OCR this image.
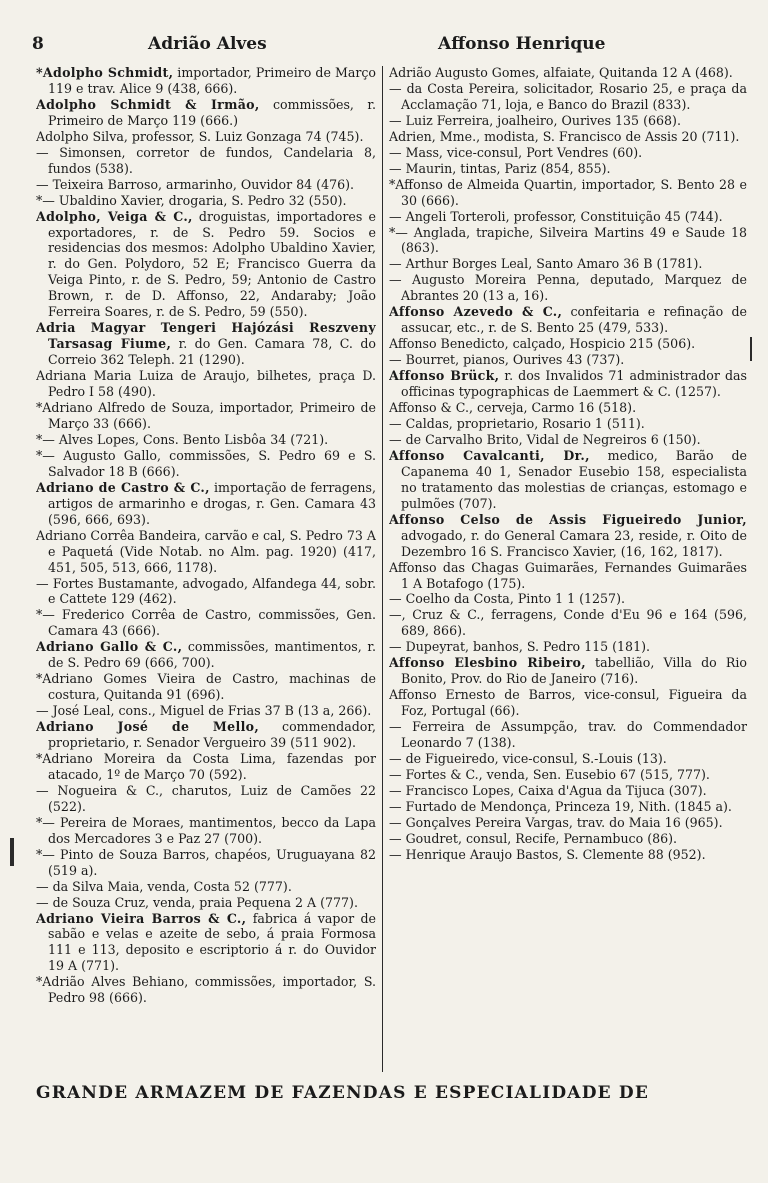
8	Adrião Alves	Affonso Henrique

*Adolpho Schmidt, importador, Primeiro de Março 119 e trav. Alice 9 (438, 666).

Adolpho Schmidt & Irmão, commissões, r. Primeiro de Março 119 (666.)

Adolpho Silva, professor, S. Luiz Gonzaga 74 (745).

— Simonsen, corretor de fundos, Candelaria 8, fundos (538).

— Teixeira Barroso, armarinho, Ouvidor 84 (476).

*— Ubaldino Xavier, drogaria, S. Pedro 32 (550).

Adolpho, Veiga & C., droguistas, importadores e exportadores, r. de S. Pedro 59. Socios e residencias dos mesmos: Adolpho Ubaldino Xavier, r. do Gen. Polydoro, 52 E; Francisco Guerra da Veiga Pinto, r. de S. Pedro, 59; Antonio de Castro Brown, r. de D. Affonso, 22, Andaraby; João Ferreira Soares, r. de S. Pedro, 59 (550).

Adria Magyar Tengeri Hajózási Reszveny Tarsasag Fiume, r. do Gen. Camara 78, C. do Correio 362 Teleph. 21 (1290).

Adriana Maria Luiza de Araujo, bilhetes, praça D. Pedro I 58 (490).

*Adriano Alfredo de Souza, importador, Primeiro de Março 33 (666).

*— Alves Lopes, Cons. Bento Lisbôa 34 (721).

*— Augusto Gallo, commissões, S. Pedro 69 e S. Salvador 18 B (666).

Adriano de Castro & C., importação de ferragens, artigos de armarinho e drogas, r. Gen. Camara 43 (596, 666, 693).

Adriano Corrêa Bandeira, carvão e cal, S. Pedro 73 A e Paquetá (Vide Notab. no Alm. pag. 1920) (417, 451, 505, 513, 666, 1178).

— Fortes Bustamante, advogado, Alfandega 44, sobr. e Cattete 129 (462).

*— Frederico Corrêa de Castro, commissões, Gen. Camara 43 (666).

Adriano Gallo & C., commissões, mantimentos, r. de S. Pedro 69 (666, 700).

*Adriano Gomes Vieira de Castro, machinas de costura, Quitanda 91 (696).

— José Leal, cons., Miguel de Frias 37 B (13 a, 266).

Adriano José de Mello, commendador, proprietario, r. Senador Vergueiro 39 (511 902).

*Adriano Moreira da Costa Lima, fazendas por atacado, 1º de Março 70 (592).

— Nogueira & C., charutos, Luiz de Camões 22 (522).

*— Pereira de Moraes, mantimentos, becco da Lapa dos Mercadores 3 e Paz 27 (700).

*— Pinto de Souza Barros, chapéos, Uruguayana 82 (519 a).

— da Silva Maia, venda, Costa 52 (777).

— de Souza Cruz, venda, praia Pequena 2 A (777).

Adriano Vieira Barros & C., fabrica á vapor de sabão e velas e azeite de sebo, á praia Formosa 111 e 113, deposito e escriptorio á r. do Ouvidor 19 A (771).

*Adrião Alves Behiano, commissões, importador, S. Pedro 98 (666).

Adrião Augusto Gomes, alfaiate, Quitanda 12 A (468).

— da Costa Pereira, solicitador, Rosario 25, e praça da Acclamação 71, loja, e Banco do Brazil (833).

— Luiz Ferreira, joalheiro, Ourives 135 (668).

Adrien, Mme., modista, S. Francisco de Assis 20 (711).

— Mass, vice-consul, Port Vendres (60).

— Maurin, tintas, Pariz (854, 855).

*Affonso de Almeida Quartin, importador, S. Bento 28 e 30 (666).

— Angeli Torteroli, professor, Constituição 45 (744).

*— Anglada, trapiche, Silveira Martins 49 e Saude 18 (863).

— Arthur Borges Leal, Santo Amaro 36 B (1781).

— Augusto Moreira Penna, deputado, Marquez de Abrantes 20 (13 a, 16).

Affonso Azevedo & C., confeitaria e refinação de assucar, etc., r. de S. Bento 25 (479, 533).

Affonso Benedicto, calçado, Hospicio 215 (506).

— Bourret, pianos, Ourives 43 (737).

Affonso Brück, r. dos Invalidos 71 administrador das officinas typographicas de Laemmert & C. (1257).

Affonso & C., cerveja, Carmo 16 (518).

— Caldas, proprietario, Rosario 1 (511).

— de Carvalho Brito, Vidal de Negreiros 6 (150).

Affonso Cavalcanti, Dr., medico, Barão de Capanema 40 1, Senador Eusebio 158, especialista no tratamento das molestias de crianças, estomago e pulmões (707).

Affonso Celso de Assis Figueiredo Junior, advogado, r. do General Camara 23, reside, r. Oito de Dezembro 16 S. Francisco Xavier, (16, 162, 1817).

Affonso das Chagas Guimarães, Fernandes Guimarães 1 A Botafogo (175).

— Coelho da Costa, Pinto 1 1 (1257).

—, Cruz & C., ferragens, Conde d'Eu 96 e 164 (596, 689, 866).

— Dupeyrat, banhos, S. Pedro 115 (181).

Affonso Elesbino Ribeiro, tabellião, Villa do Rio Bonito, Prov. do Rio de Janeiro (716).

Affonso Ernesto de Barros, vice-consul, Figueira da Foz, Portugal (66).

— Ferreira de Assumpção, trav. do Commendador Leonardo 7 (138).

— de Figueiredo, vice-consul, S.-Louis (13).

— Fortes & C., venda, Sen. Eusebio 67 (515, 777).

— Francisco Lopes, Caixa d'Agua da Tijuca (307).

— Furtado de Mendonça, Princeza 19, Nith. (1845 a).

— Gonçalves Pereira Vargas, trav. do Maia 16 (965).

— Goudret, consul, Recife, Pernambuco (86).

— Henrique Araujo Bastos, S. Clemente 88 (952).

GRANDE ARMAZEM DE FAZENDAS E ESPECIALIDADE DE
